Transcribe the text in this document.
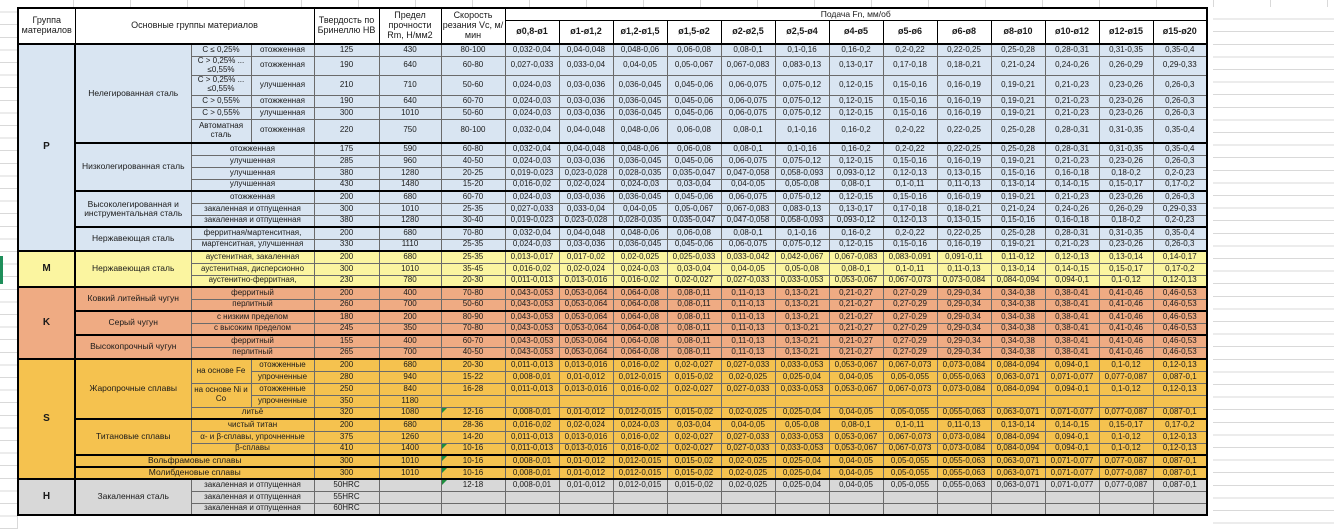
Группа материалов	Основные группы материалов			Твердость по Бринеллю НВ	Предел прочности Rm, Н/мм2	Скорость резания Vc, м/мин	Подача Fn, мм/об												
							ø0,8-ø1	ø1-ø1,2	ø1,2-ø1,5	ø1,5-ø2	ø2-ø2,5	ø2,5-ø4	ø4-ø5	ø5-ø6	ø6-ø8	ø8-ø10	ø10-ø12	ø12-ø15	ø15-ø20
P	Нелегированная сталь	C ≤ 0,25%	отожженная	125	430	80-100	0,032-0,04	0,04-0,048	0,048-0,06	0,06-0,08	0,08-0,1	0,1-0,16	0,16-0,2	0,2-0,22	0,22-0,25	0,25-0,28	0,28-0,31	0,31-0,35	0,35-0,4
		C > 0,25% ... ≤0,55%	отожженная	190	640	60-80	0,027-0,033	0,033-0,04	0,04-0,05	0,05-0,067	0,067-0,083	0,083-0,13	0,13-0,17	0,17-0,18	0,18-0,21	0,21-0,24	0,24-0,26	0,26-0,29	0,29-0,33
		C > 0,25% ... ≤0,55%	улучшенная	210	710	50-60	0,024-0,03	0,03-0,036	0,036-0,045	0,045-0,06	0,06-0,075	0,075-0,12	0,12-0,15	0,15-0,16	0,16-0,19	0,19-0,21	0,21-0,23	0,23-0,26	0,26-0,3
		C > 0,55%	отожженная	190	640	60-70	0,024-0,03	0,03-0,036	0,036-0,045	0,045-0,06	0,06-0,075	0,075-0,12	0,12-0,15	0,15-0,16	0,16-0,19	0,19-0,21	0,21-0,23	0,23-0,26	0,26-0,3
		C > 0,55%	улучшенная	300	1010	50-60	0,024-0,03	0,03-0,036	0,036-0,045	0,045-0,06	0,06-0,075	0,075-0,12	0,12-0,15	0,15-0,16	0,16-0,19	0,19-0,21	0,21-0,23	0,23-0,26	0,26-0,3
		Автоматная сталь	отожженная	220	750	80-100	0,032-0,04	0,04-0,048	0,048-0,06	0,06-0,08	0,08-0,1	0,1-0,16	0,16-0,2	0,2-0,22	0,22-0,25	0,25-0,28	0,28-0,31	0,31-0,35	0,35-0,4
	Низколегированная сталь	отожженная		175	590	60-80	0,032-0,04	0,04-0,048	0,048-0,06	0,06-0,08	0,08-0,1	0,1-0,16	0,16-0,2	0,2-0,22	0,22-0,25	0,25-0,28	0,28-0,31	0,31-0,35	0,35-0,4
		улучшенная		285	960	40-50	0,024-0,03	0,03-0,036	0,036-0,045	0,045-0,06	0,06-0,075	0,075-0,12	0,12-0,15	0,15-0,16	0,16-0,19	0,19-0,21	0,21-0,23	0,23-0,26	0,26-0,3
		улучшенная		380	1280	20-25	0,019-0,023	0,023-0,028	0,028-0,035	0,035-0,047	0,047-0,058	0,058-0,093	0,093-0,12	0,12-0,13	0,13-0,15	0,15-0,16	0,16-0,18	0,18-0,2	0,2-0,23
		улучшенная		430	1480	15-20	0,016-0,02	0,02-0,024	0,024-0,03	0,03-0,04	0,04-0,05	0,05-0,08	0,08-0,1	0,1-0,11	0,11-0,13	0,13-0,14	0,14-0,15	0,15-0,17	0,17-0,2
	Высоколегированная и инструментальная сталь	отожженная		200	680	60-70	0,024-0,03	0,03-0,036	0,036-0,045	0,045-0,06	0,06-0,075	0,075-0,12	0,12-0,15	0,15-0,16	0,16-0,19	0,19-0,21	0,21-0,23	0,23-0,26	0,26-0,3
		закаленная и отпущенная		300	1010	25-35	0,027-0,033	0,033-0,04	0,04-0,05	0,05-0,067	0,067-0,083	0,083-0,13	0,13-0,17	0,17-0,18	0,18-0,21	0,21-0,24	0,24-0,26	0,26-0,29	0,29-0,33
		закаленная и отпущенная		380	1280	30-40	0,019-0,023	0,023-0,028	0,028-0,035	0,035-0,047	0,047-0,058	0,058-0,093	0,093-0,12	0,12-0,13	0,13-0,15	0,15-0,16	0,16-0,18	0,18-0,2	0,2-0,23
	Нержавеющая сталь	ферритная/мартенситная,		200	680	70-80	0,032-0,04	0,04-0,048	0,048-0,06	0,06-0,08	0,08-0,1	0,1-0,16	0,16-0,2	0,2-0,22	0,22-0,25	0,25-0,28	0,28-0,31	0,31-0,35	0,35-0,4
		мартенситная, улучшенная		330	1110	25-35	0,024-0,03	0,03-0,036	0,036-0,045	0,045-0,06	0,06-0,075	0,075-0,12	0,12-0,15	0,15-0,16	0,16-0,19	0,19-0,21	0,21-0,23	0,23-0,26	0,26-0,3
M	Нержавеющая сталь	аустенитная, закаленная		200	680	25-35	0,013-0,017	0,017-0,02	0,02-0,025	0,025-0,033	0,033-0,042	0,042-0,067	0,067-0,083	0,083-0,091	0,091-0,11	0,11-0,12	0,12-0,13	0,13-0,14	0,14-0,17
		аустенитная, дисперсионно		300	1010	35-45	0,016-0,02	0,02-0,024	0,024-0,03	0,03-0,04	0,04-0,05	0,05-0,08	0,08-0,1	0,1-0,11	0,11-0,13	0,13-0,14	0,14-0,15	0,15-0,17	0,17-0,2
		аустенитно-ферритная,		230	780	20-30	0,011-0,013	0,013-0,016	0,016-0,02	0,02-0,027	0,027-0,033	0,033-0,053	0,053-0,067	0,067-0,073	0,073-0,084	0,084-0,094	0,094-0,1	0,1-0,12	0,12-0,13
K	Ковкий литейный чугун	ферритный		200	400	70-80	0,043-0,053	0,053-0,064	0,064-0,08	0,08-0,11	0,11-0,13	0,13-0,21	0,21-0,27	0,27-0,29	0,29-0,34	0,34-0,38	0,38-0,41	0,41-0,46	0,46-0,53
		перлитный		260	700	50-60	0,043-0,053	0,053-0,064	0,064-0,08	0,08-0,11	0,11-0,13	0,13-0,21	0,21-0,27	0,27-0,29	0,29-0,34	0,34-0,38	0,38-0,41	0,41-0,46	0,46-0,53
	Серый чугун	с низким пределом		180	200	80-90	0,043-0,053	0,053-0,064	0,064-0,08	0,08-0,11	0,11-0,13	0,13-0,21	0,21-0,27	0,27-0,29	0,29-0,34	0,34-0,38	0,38-0,41	0,41-0,46	0,46-0,53
		с высоким пределом		245	350	70-80	0,043-0,053	0,053-0,064	0,064-0,08	0,08-0,11	0,11-0,13	0,13-0,21	0,21-0,27	0,27-0,29	0,29-0,34	0,34-0,38	0,38-0,41	0,41-0,46	0,46-0,53
	Высокопрочный чугун	ферритный		155	400	60-70	0,043-0,053	0,053-0,064	0,064-0,08	0,08-0,11	0,11-0,13	0,13-0,21	0,21-0,27	0,27-0,29	0,29-0,34	0,34-0,38	0,38-0,41	0,41-0,46	0,46-0,53
		перлитный		265	700	40-50	0,043-0,053	0,053-0,064	0,064-0,08	0,08-0,11	0,11-0,13	0,13-0,21	0,21-0,27	0,27-0,29	0,29-0,34	0,34-0,38	0,38-0,41	0,41-0,46	0,46-0,53
S	Жаропрочные сплавы	на основе Fe	отожженные	200	680	20-30	0,011-0,013	0,013-0,016	0,016-0,02	0,02-0,027	0,027-0,033	0,033-0,053	0,053-0,067	0,067-0,073	0,073-0,084	0,084-0,094	0,094-0,1	0,1-0,12	0,12-0,13
			упрочненные	280	940	15-22	0,008-0,01	0,01-0,012	0,012-0,015	0,015-0,02	0,02-0,025	0,025-0,04	0,04-0,05	0,05-0,055	0,055-0,063	0,063-0,071	0,071-0,077	0,077-0,087	0,087-0,1
		на основе Ni и Co	отожженные	250	840	16-28	0,011-0,013	0,013-0,016	0,016-0,02	0,02-0,027	0,027-0,033	0,033-0,053	0,053-0,067	0,067-0,073	0,073-0,084	0,084-0,094	0,094-0,1	0,1-0,12	0,12-0,13
			упрочненные	350	1180														
		литьё		320	1080	12-16	0,008-0,01	0,01-0,012	0,012-0,015	0,015-0,02	0,02-0,025	0,025-0,04	0,04-0,05	0,05-0,055	0,055-0,063	0,063-0,071	0,071-0,077	0,077-0,087	0,087-0,1
	Титановые сплавы	чистый титан		200	680	28-36	0,016-0,02	0,02-0,024	0,024-0,03	0,03-0,04	0,04-0,05	0,05-0,08	0,08-0,1	0,1-0,11	0,11-0,13	0,13-0,14	0,14-0,15	0,15-0,17	0,17-0,2
		α- и β-сплавы, упрочненные		375	1260	14-20	0,011-0,013	0,013-0,016	0,016-0,02	0,02-0,027	0,027-0,033	0,033-0,053	0,053-0,067	0,067-0,073	0,073-0,084	0,084-0,094	0,094-0,1	0,1-0,12	0,12-0,13
		β-сплавы		410	1400	10-16	0,011-0,013	0,013-0,016	0,016-0,02	0,02-0,027	0,027-0,033	0,033-0,053	0,053-0,067	0,067-0,073	0,073-0,084	0,084-0,094	0,094-0,1	0,1-0,12	0,12-0,13
	Вольфрамовые сплавы			300	1010	10-16	0,008-0,01	0,01-0,012	0,012-0,015	0,015-0,02	0,02-0,025	0,025-0,04	0,04-0,05	0,05-0,055	0,055-0,063	0,063-0,071	0,071-0,077	0,077-0,087	0,087-0,1
	Молибденовые сплавы			300	1010	10-16	0,008-0,01	0,01-0,012	0,012-0,015	0,015-0,02	0,02-0,025	0,025-0,04	0,04-0,05	0,05-0,055	0,055-0,063	0,063-0,071	0,071-0,077	0,077-0,087	0,087-0,1
H	Закаленная сталь	закаленная и отпущенная		50HRC		12-18	0,008-0,01	0,01-0,012	0,012-0,015	0,015-0,02	0,02-0,025	0,025-0,04	0,04-0,05	0,05-0,055	0,055-0,063	0,063-0,071	0,071-0,077	0,077-0,087	0,087-0,1
		закаленная и отпущенная		55HRC															
		закаленная и отпущенная		60HRC															
